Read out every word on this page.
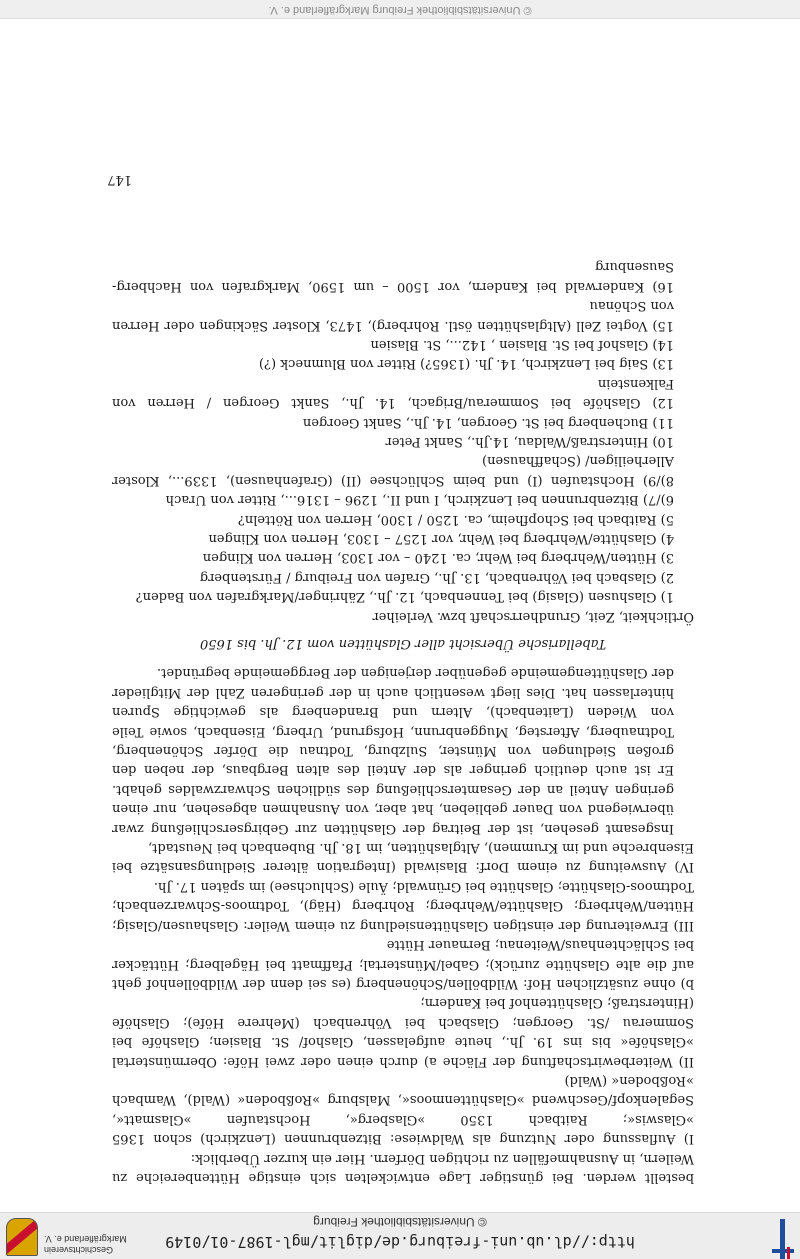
http://dl.ub.uni-freiburg.de/diglit/mgl-1987-01/0149
© Universitätsbibliothek Freiburg
Geschichtsverein
Markgräflerland e. V.

bestellt werden. Bei günstiger Lage entwickelten sich einstige Hüttenbereiche zu Weilern, in Ausnahmefällen zu richtigen Dörfern. Hier ein kurzer Überblick:

I) Auflassung oder Nutzung als Waldwiese: Bitzenbrunnen (Lenzkirch) schon 1365 »Glaswis«; Raitbach 1350 »Glasberg«, Hochstaufen »Glasmatt«, Segalenkopf/Geschwend »Glashüttenmoos«, Malsburg »Roßboden« (Wald), Wambach »Roßboden« (Wald)

II) Weiterbewirtschaftung der Fläche a) durch einen oder zwei Höfe: Obermünstertal »Glashöfe« bis ins 19. Jh., heute aufgelassen, Glashof/ St. Blasien; Glashöfe bei Sommerau /St. Georgen; Glasbach bei Vöhrenbach (Mehrere Höfe); Glashöfe (Hinterstraß; Glashüttenhof bei Kandern;

b) ohne zusätzlichen Hof: Wildböllen/Schönenberg (es sei denn der Wildböllenhof geht auf die alte Glashütte zurück); Gabel/Münstertal; Pfaffmatt bei Hägelberg; Hüttäcker bei Schlächtenhaus/Weitenau; Bernauer Hütte

III) Erweiterung der einstigen Glashüttensiedlung zu einem Weiler: Glashausen/Glasig; Hütten/Wehrberg; Glashütte/Wehrberg; Rohrberg (Häg), Todtmoos-Schwarzenbach; Todtmoos-Glashütte; Glashütte bei Grünwald; Äule (Schluchsee) im späten 17. Jh.

IV) Ausweitung zu einem Dorf: Blasiwald (Integration älterer Siedlungsansätze bei Eisenbreche und im Krummen), Altglashütten, im 18. Jh. Bubenbach bei Neustadt,

Insgesamt gesehen, ist der Beitrag der Glashütten zur Gebirgserschließung zwar überwiegend von Dauer geblieben, hat aber, von Ausnahmen abgesehen, nur einen geringen Anteil an der Gesamterschließung des südlichen Schwarzwaldes gehabt. Er ist auch deutlich geringer als der Anteil des alten Bergbaus, der neben den großen Siedlungen von Münster, Sulzburg, Todtnau die Dörfer Schönenberg, Todtnauberg, Aftersteg, Muggenbrunn, Hofsgrund, Urberg, Eisenbach, sowie Teile von Wieden (Laitenbach), Altern und Brandenberg als gewichtige Spuren hinterlassen hat. Dies liegt wesentlich auch in der geringeren Zahl der Mitglieder der Glashüttengemeinde gegenüber derjenigen der Berggemeinde begründet.

Tabellarische Übersicht aller Glashütten vom 12. Jh. bis 1650

Örtlichkeit, Zeit, Grundherrschaft bzw. Verleiher

1) Glashusen (Glasig) bei Tennenbach, 12. Jh., Zähringer/Markgrafen von Baden?

2) Glasbach bei Vöhrenbach, 13. Jh., Grafen von Freiburg / Fürstenberg

3) Hütten/Wehrberg bei Wehr, ca. 1240 – vor 1303, Herren von Klingen

4) Glashütte/Wehrberg bei Wehr, vor 1257 – 1303, Herren von Klingen

5) Raitbach bei Schopfheim, ca. 1250 / 1300, Herren von Rötteln?

6)/7) Bitzenbrunnen bei Lenzkirch, I und II., 1296 – 1316..., Ritter von Urach

8)/9) Hochstaufen (I) und beim Schlüchsee (II) (Grafenhausen), 1339..., Kloster Allerheiligen/ (Schaffhausen)

10) Hinterstraß/Waldau, 14.Jh., Sankt Peter

11) Buchenberg bei St. Georgen, 14. Jh., Sankt Georgen

12) Glashöfe bei Sommerau/Brigach, 14. Jh., Sankt Georgen / Herren von Falkenstein

13) Saig bei Lenzkirch, 14. Jh. (1365?) Ritter von Blumneck (?)

14) Glashof bei St. Blasien , 142..., St. Blasien

15) Vogtei Zell (Altglashütten östl. Rohrberg), 1473, Kloster Säckingen oder Herren von Schönau

16) Kanderwald bei Kandern, vor 1500 – um 1590, Markgrafen von Hachberg-Sausenburg

147
© Universitätsbibliothek Freiburg Markgräflerland e. V.
